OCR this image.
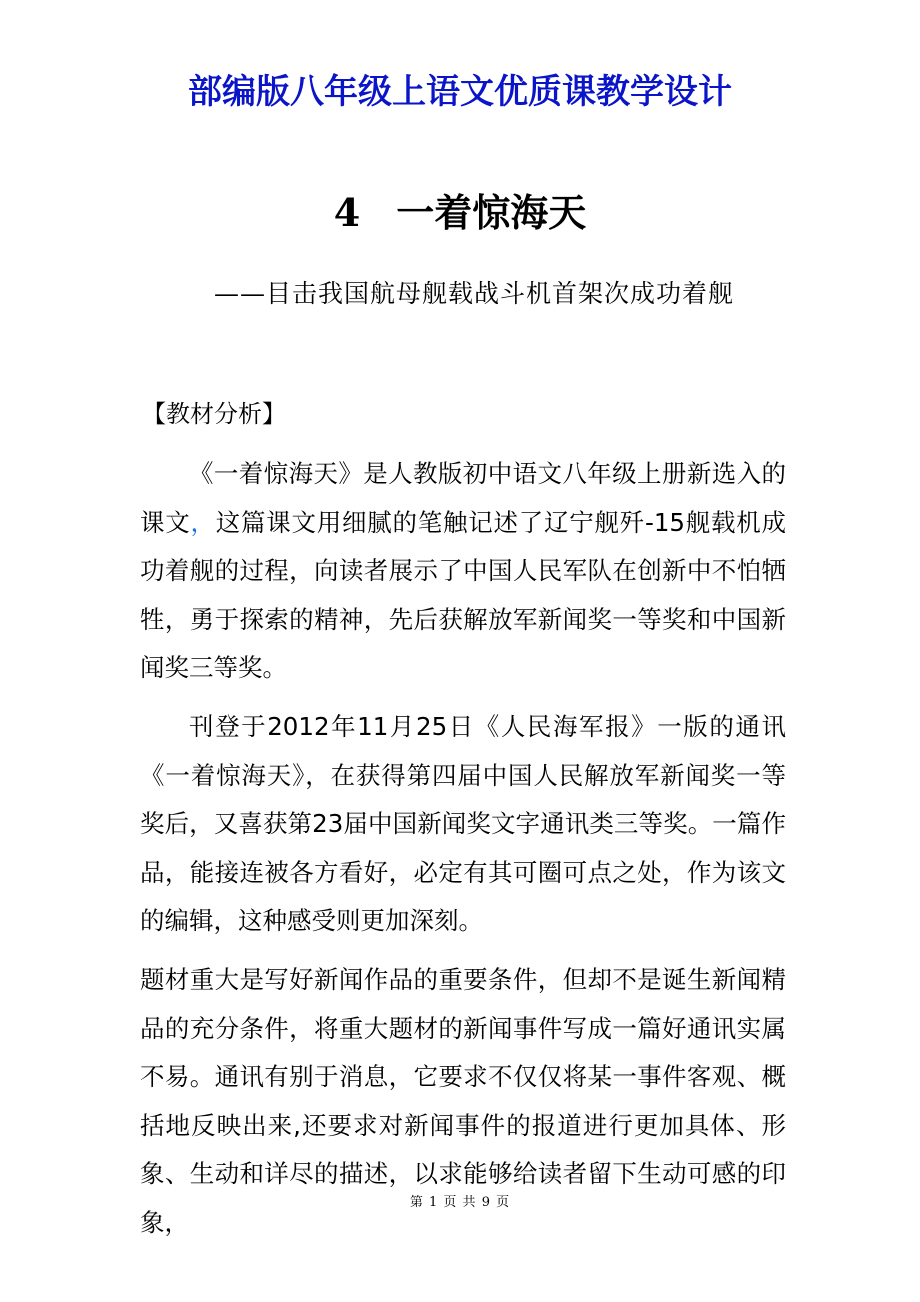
部编版八年级上语文优质课教学设计
4 一着惊海天
——目击我国航母舰载战斗机首架次成功着舰
【教材分析】

《一着惊海天》是人教版初中语文八年级上册新选入的课文，这篇课文用细腻的笔触记述了辽宁舰歼-15舰载机成功着舰的过程，向读者展示了中国人民军队在创新中不怕牺牲，勇于探索的精神，先后获解放军新闻奖一等奖和中国新闻奖三等奖。

刊登于2012年11月25日《人民海军报》一版的通讯《一着惊海天》，在获得第四届中国人民解放军新闻奖一等奖后，又喜获第23届中国新闻奖文字通讯类三等奖。一篇作品，能接连被各方看好，必定有其可圈可点之处，作为该文的编辑，这种感受则更加深刻。

题材重大是写好新闻作品的重要条件，但却不是诞生新闻精品的充分条件，将重大题材的新闻事件写成一篇好通讯实属不易。通讯有别于消息，它要求不仅仅将某一事件客观、概括地反映出来,还要求对新闻事件的报道进行更加具体、形象、生动和详尽的描述，以求能够给读者留下生动可感的印象，

第 1 页 共 9 页
